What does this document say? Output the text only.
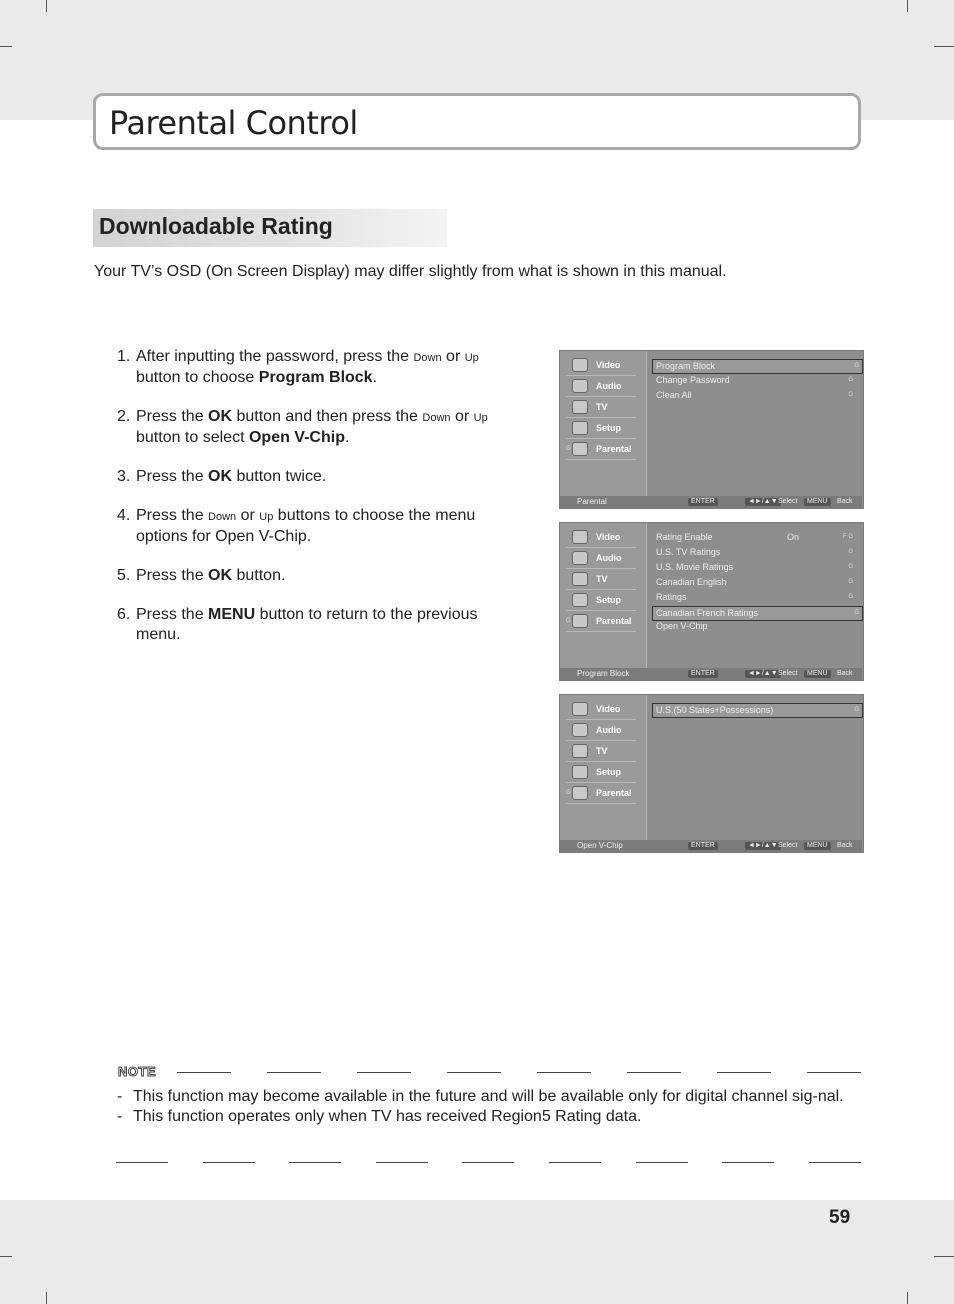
Parental Control
Downloadable Rating
Your TV’s OSD (On Screen Display) may differ slightly from what is shown in this manual.
1. After inputting the password, press the Down or Up button to choose Program Block.
2. Press the OK button and then press the Down or Up button to select Open V-Chip.
3. Press the OK button twice.
4. Press the Down or Up buttons to choose the menu options for Open V-Chip.
5. Press the OK button.
6. Press the MENU button to return to the previous menu.
Video
Audio
TV
Setup
Parental
G
Program Block	G
Change Password	G
Clean All	G
Parental	ENTER	◄►/▲▼ Select	MENU	Back
Video
Audio
TV
Setup
Parental
G
Rating Enable	On	F G
U.S. TV Ratings	G
U.S. Movie Ratings	G
Canadian English	G
Ratings	G
Canadian French Ratings	G
Open V-Chip
Program Block	ENTER	◄►/▲▼ Select	MENU	Back
Video
Audio
TV
Setup
Parental
G
U.S.(50 States+Possessions)	G
Open V-Chip	ENTER	◄►/▲▼ Select	MENU	Back
NOTE
- This function may become available in the future and will be available only for digital channel sig-nal.
- This function operates only when TV has received Region5 Rating data.
59
